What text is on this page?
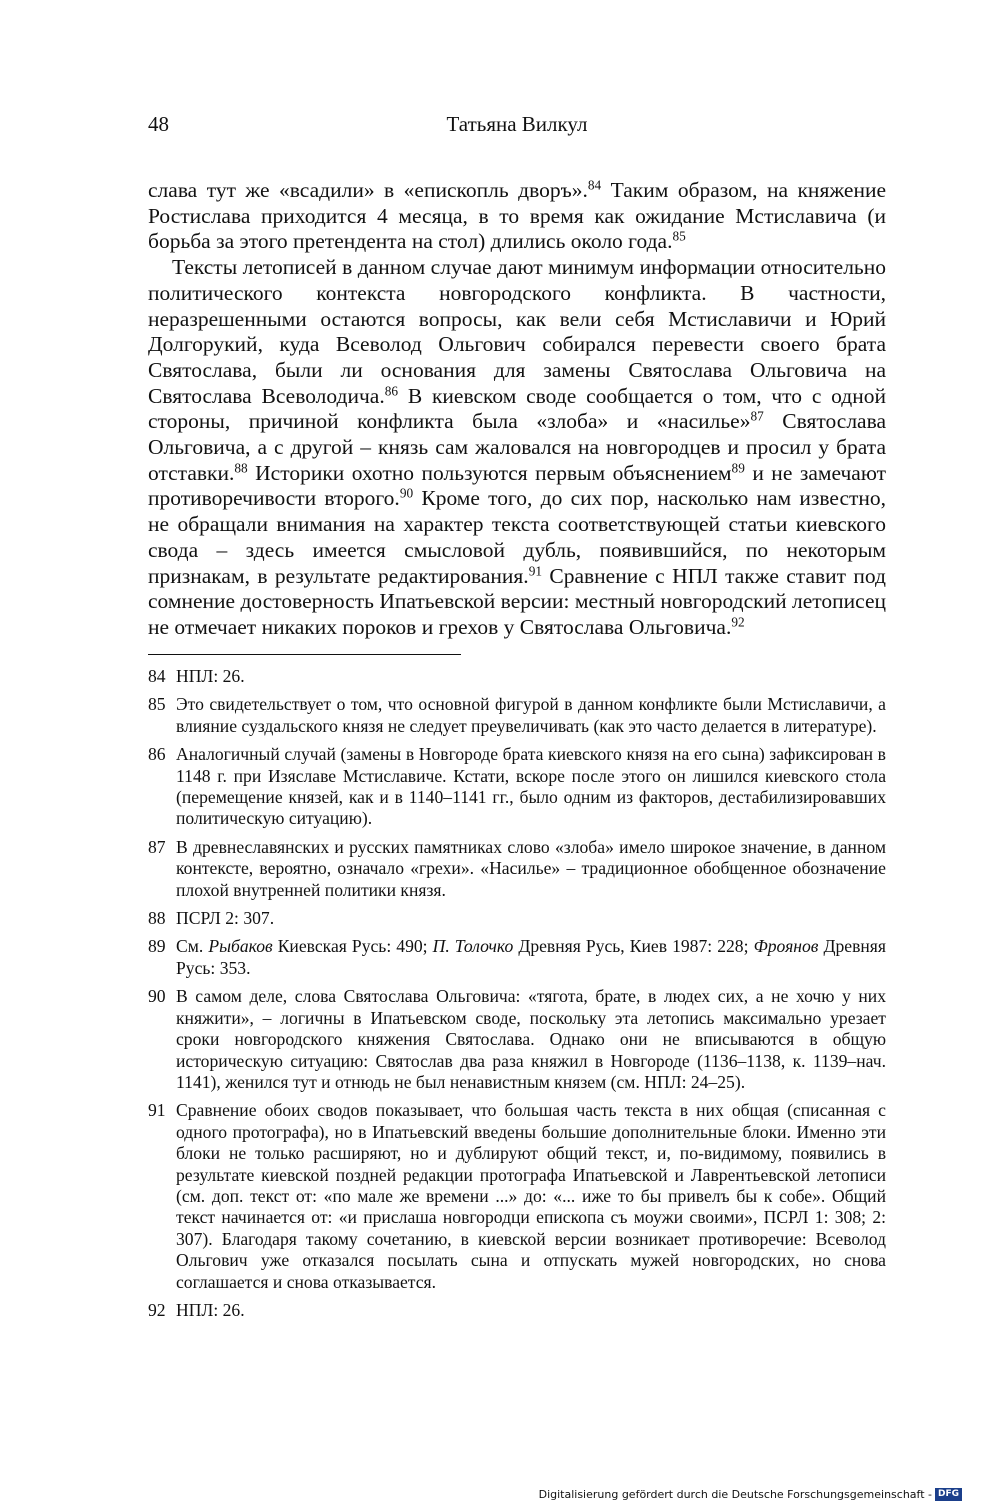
48	Татьяна Вилкул

слава тут же «всадили» в «епископль дворъ».$^{84}$ Таким образом, на княжение Ростислава приходится 4 месяца, в то время как ожидание Мстиславича (и борьба за этого претендента на стол) длились около года.$^{85}$

Тексты летописей в данном случае дают минимум информации относительно политического контекста новгородского конфликта. В частности, неразрешенными остаются вопросы, как вели себя Мстиславичи и Юрий Долгорукий, куда Всеволод Ольгович собирался перевести своего брата Святослава, были ли основания для замены Святослава Ольговича на Святослава Всеволодича.$^{86}$ В киевском своде сообщается о том, что с одной стороны, причиной конфликта была «злоба» и «насилье»$^{87}$ Святослава Ольговича, а с другой – князь сам жаловался на новгородцев и просил у брата отставки.$^{88}$ Историки охотно пользуются первым объяснением$^{89}$ и не замечают противоречивости второго.$^{90}$ Кроме того, до сих пор, насколько нам известно, не обращали внимания на характер текста соответствующей статьи киевского свода – здесь имеется смысловой дубль, появившийся, по некоторым признакам, в результате редактирования.$^{91}$ Сравнение с НПЛ также ставит под сомнение достоверность Ипатьевской версии: местный новгородский летописец не отмечает никаких пороков и грехов у Святослава Ольговича.$^{92}$

84 НПЛ: 26.
85 Это свидетельствует о том, что основной фигурой в данном конфликте были Мстиславичи, а влияние суздальского князя не следует преувеличивать (как это часто делается в литературе).
86 Аналогичный случай (замены в Новгороде брата киевского князя на его сына) зафиксирован в 1148 г. при Изяславе Мстиславиче. Кстати, вскоре после этого он лишился киевского стола (перемещение князей, как и в 1140–1141 гг., было одним из факторов, дестабилизировавших политическую ситуацию).
87 В древнеславянских и русских памятниках слово «злоба» имело широкое значение, в данном контексте, вероятно, означало «грехи». «Насилье» – традиционное обобщенное обозначение плохой внутренней политики князя.
88 ПСРЛ 2: 307.
89 См. Рыбаков Киевская Русь: 490; П. Толочко Древняя Русь, Киев 1987: 228; Фроянов Древняя Русь: 353.
90 В самом деле, слова Святослава Ольговича: «тягота, брате, в людех сих, а не хочю у них княжити», – логичны в Ипатьевском своде, поскольку эта летопись максимально урезает сроки новгородского княжения Святослава. Однако они не вписываются в общую историческую ситуацию: Святослав два раза княжил в Новгороде (1136–1138, к. 1139–нач. 1141), женился тут и отнюдь не был ненавистным князем (см. НПЛ: 24–25).
91 Сравнение обоих сводов показывает, что большая часть текста в них общая (списанная с одного протографа), но в Ипатьевский введены большие дополнительные блоки. Именно эти блоки не только расширяют, но и дублируют общий текст, и, по-видимому, появились в результате киевской поздней редакции протографа Ипатьевской и Лаврентьевской летописи (см. доп. текст от: «по мале же времени ...» до: «... иже то бы привелъ бы к собе». Общий текст начинается от: «и прислаша новгородци епископа съ моужи своими», ПСРЛ 1: 308; 2: 307). Благодаря такому сочетанию, в киевской версии возникает противоречие: Всеволод Ольгович уже отказался посылать сына и отпускать мужей новгородских, но снова соглашается и снова отказывается.
92 НПЛ: 26.
Digitalisierung gefördert durch die Deutsche Forschungsgemeinschaft - DFG
